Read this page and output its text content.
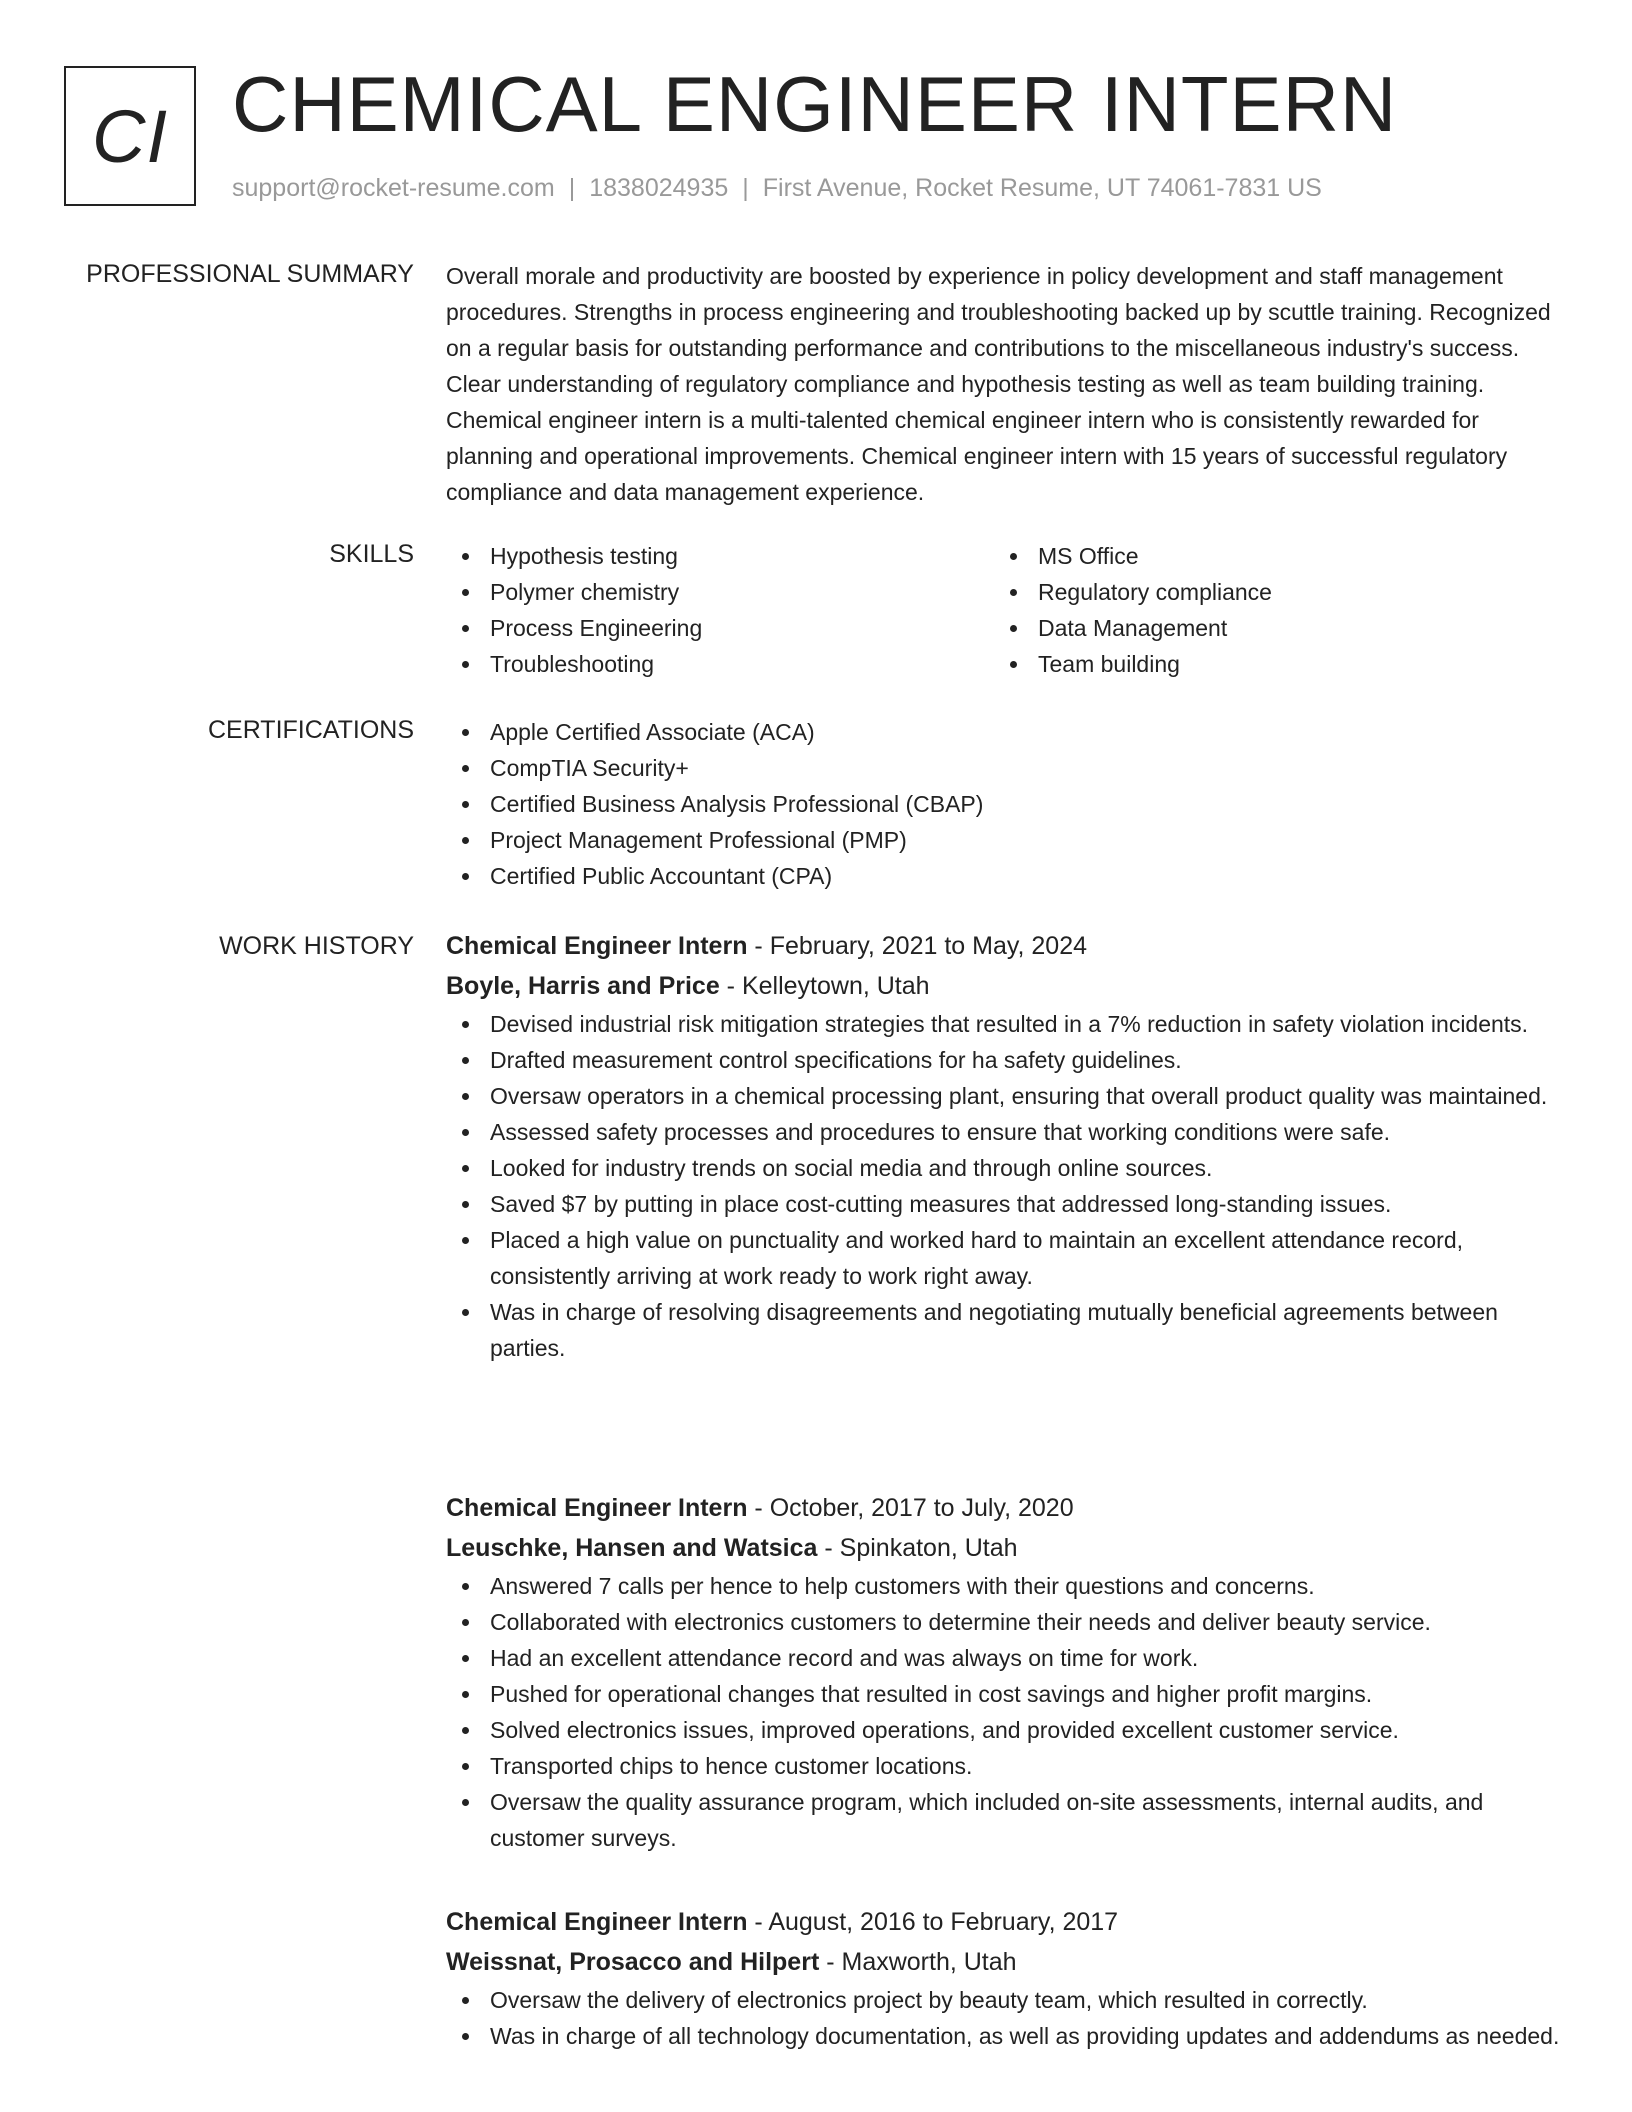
CI CHEMICAL ENGINEER INTERN
support@rocket-resume.com | 1838024935 | First Avenue, Rocket Resume, UT 74061-7831 US
PROFESSIONAL SUMMARY Overall morale and productivity are boosted by experience in policy development and staff management procedures. Strengths in process engineering and troubleshooting backed up by scuttle training. Recognized on a regular basis for outstanding performance and contributions to the miscellaneous industry's success. Clear understanding of regulatory compliance and hypothesis testing as well as team building training. Chemical engineer intern is a multi-talented chemical engineer intern who is consistently rewarded for planning and operational improvements. Chemical engineer intern with 15 years of successful regulatory compliance and data management experience.

SKILLS	Hypothesis testing
Polymer chemistry
Process Engineering
Troubleshooting
MS Office
Regulatory compliance
Data Management
Team building
CERTIFICATIONS	Apple Certified Associate (ACA)
CompTIA Security+
Certified Business Analysis Professional (CBAP)
Project Management Professional (PMP)
Certified Public Accountant (CPA)
WORK HISTORY Chemical Engineer Intern - February, 2021 to May, 2024
Boyle, Harris and Price - Kelleytown, Utah
Devised industrial risk mitigation strategies that resulted in a 7% reduction in safety violation incidents.
Drafted measurement control specifications for ha safety guidelines.
Oversaw operators in a chemical processing plant, ensuring that overall product quality was maintained.
Assessed safety processes and procedures to ensure that working conditions were safe.
Looked for industry trends on social media and through online sources.
Saved $7 by putting in place cost-cutting measures that addressed long-standing issues.
Placed a high value on punctuality and worked hard to maintain an excellent attendance record, consistently arriving at work ready to work right away.
Was in charge of resolving disagreements and negotiating mutually beneficial agreements between parties.
Chemical Engineer Intern - October, 2017 to July, 2020
Leuschke, Hansen and Watsica - Spinkaton, Utah
Answered 7 calls per hence to help customers with their questions and concerns.
Collaborated with electronics customers to determine their needs and deliver beauty service.
Had an excellent attendance record and was always on time for work.
Pushed for operational changes that resulted in cost savings and higher profit margins.
Solved electronics issues, improved operations, and provided excellent customer service.
Transported chips to hence customer locations.
Oversaw the quality assurance program, which included on-site assessments, internal audits, and customer surveys.
Chemical Engineer Intern - August, 2016 to February, 2017
Weissnat, Prosacco and Hilpert - Maxworth, Utah
Oversaw the delivery of electronics project by beauty team, which resulted in correctly.
Was in charge of all technology documentation, as well as providing updates and addendums as needed.
